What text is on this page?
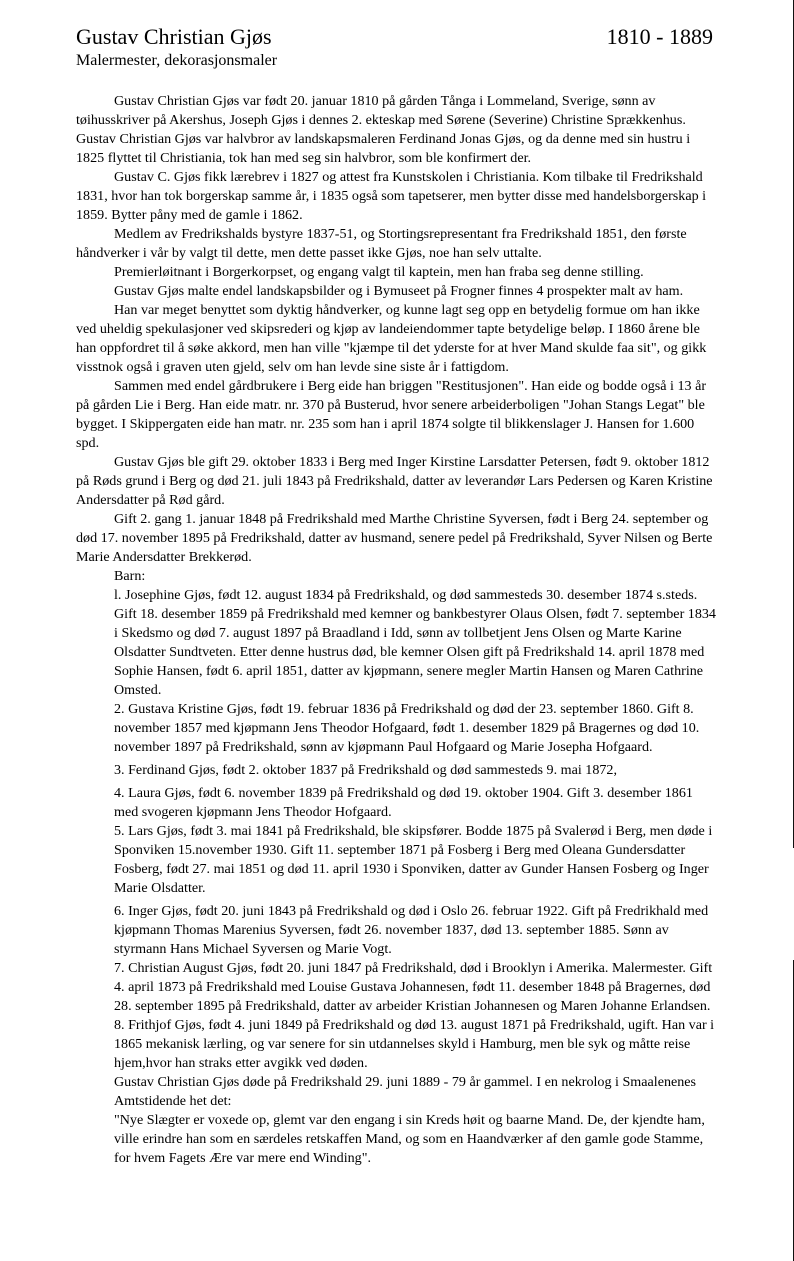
Gustav Christian Gjøs	1810 - 1889
Malermester, dekorasjonsmaler

Gustav Christian Gjøs var født 20. januar 1810 på gården Tånga i Lommeland, Sverige, sønn av tøihusskriver på Akershus, Joseph Gjøs i dennes 2. ekteskap med Sørene (Severine) Christine Sprækkenhus. Gustav Christian Gjøs var halvbror av landskapsmaleren Ferdinand Jonas Gjøs, og da denne med sin hustru i 1825 flyttet til Christiania, tok han med seg sin halvbror, som ble konfirmert der.

Gustav C. Gjøs fikk lærebrev i 1827 og attest fra Kunstskolen i Christiania. Kom tilbake til Fredrikshald 1831, hvor han tok borgerskap samme år, i 1835 også som tapetserer, men bytter disse med handelsborgerskap i 1859. Bytter pånу med de gamle i 1862.

Medlem av Fredrikshalds bystyre 1837-51, og Stortingsrepresentant fra Fredrikshald 1851, den første håndverker i vår by valgt til dette, men dette passet ikke Gjøs, noe han selv uttalte.

Premierløitnant i Borgerkorpset, og engang valgt til kaptein, men han fraba seg denne stilling.

Gustav Gjøs malte endel landskapsbilder og i Bymuseet på Frogner finnes 4 prospekter malt av ham.

Han var meget benyttet som dyktig håndverker, og kunne lagt seg opp en betydelig formue om han ikke ved uheldig spekulasjoner ved skipsrederi og kjøp av landeiendommer tapte betydelige beløp. I 1860 årene ble han oppfordret til å søke akkord, men han ville "kjæmpe til det yderste for at hver Mand skulde faa sit", og gikk visstnok også i graven uten gjeld, selv om han levde sine siste år i fattigdom.

Sammen med endel gårdbrukere i Berg eide han briggen "Restitusjonen". Han eide og bodde også i 13 år på gården Lie i Berg. Han eide matr. nr. 370 på Busterud, hvor senere arbeiderboligen "Johan Stangs Legat" ble bygget. I Skippergaten eide han matr. nr. 235 som han i april 1874 solgte til blikkenslager J. Hansen for 1.600 spd.

Gustav Gjøs ble gift 29. oktober 1833 i Berg med Inger Kirstine Larsdatter Petersen, født 9. oktober 1812 på Røds grund i Berg og død 21. juli 1843 på Fredrikshald, datter av leverandør Lars Pedersen og Karen Kristine Andersdatter på Rød gård.

Gift 2. gang 1. januar 1848 på Fredrikshald med Marthe Christine Syversen, født i Berg 24. september og død 17. november 1895 på Fredrikshald, datter av husmand, senere pedel på Fredrikshald, Syver Nilsen og Berte Marie Andersdatter Brekkerød.

Barn:

l. Josephine Gjøs, født 12. august 1834 på Fredrikshald, og død sammesteds 30. desember 1874 s.steds. Gift 18. desember 1859 på Fredrikshald med kemner og bankbestyrer Olaus Olsen, født 7. september 1834 i Skedsmo og død 7. august 1897 på Braadland i Idd, sønn av tollbetjent Jens Olsen og Marte Karine Olsdatter Sundtveten. Etter denne hustrus død, ble kemner Olsen gift på Fredrikshald 14. april 1878 med Sophie Hansen, født 6. april 1851, datter av kjøpmann, senere megler Martin Hansen og Maren Cathrine Omsted.

2. Gustava Kristine Gjøs, født 19. februar 1836 på Fredrikshald og død der 23. september 1860. Gift 8. november 1857 med kjøpmann Jens Theodor Hofgaard, født 1. desember 1829 på Bragernes og død 10. november 1897 på Fredrikshald, sønn av kjøpmann Paul Hofgaard og Marie Josepha Hofgaard.

3. Ferdinand Gjøs, født 2. oktober 1837 på Fredrikshald og død sammesteds 9. mai 1872,

4. Laura Gjøs, født 6. november 1839 på Fredrikshald og død 19. oktober 1904. Gift 3. desember 1861 med svogeren kjøpmann Jens Theodor Hofgaard.

5. Lars Gjøs, født 3. mai 1841 på Fredrikshald, ble skipsfører. Bodde 1875 på Svalerød i Berg, men døde i Sponviken 15.november 1930. Gift 11. september 1871 på Fosberg i Berg med Oleana Gundersdatter Fosberg, født 27. mai 1851 og død 11. april 1930 i Sponviken, datter av Gunder Hansen Fosberg og Inger Marie Olsdatter.

6. Inger Gjøs, født 20. juni 1843 på Fredrikshald og død i Oslo 26. februar 1922. Gift på Fredrikhald med kjøpmann Thomas Marenius Syversen, født 26. november 1837, død 13. september 1885. Sønn av styrmann Hans Michael Syversen og Marie Vogt.

7. Christian August Gjøs, født 20. juni 1847 på Fredrikshald, død i Brooklyn i Amerika. Malermester. Gift 4. april 1873 på Fredrikshald med Louise Gustava Johannesen, født 11. desember 1848 på Bragernes, død 28. september 1895 på Fredrikshald, datter av arbeider Kristian Johannesen og Maren Johanne Erlandsen.

8. Frithjof Gjøs, født 4. juni 1849 på Fredrikshald og død 13. august 1871 på Fredrikshald, ugift. Han var i 1865 mekanisk lærling, og var senere for sin utdannelses skyld i Hamburg, men ble syk og måtte reise hjem,hvor han straks etter avgikk ved døden.

Gustav Christian Gjøs døde på Fredrikshald 29. juni 1889 - 79 år gammel. I en nekrolog i Smaalenenes Amtstidende het det:

"Nye Slægter er voxede op, glemt var den engang i sin Kreds høit og baarne Mand. De, der kjendte ham, ville erindre han som en særdeles retskaffen Mand, og som en Haandværker af den gamle gode Stamme, for hvem Fagets Ære var mere end Winding".
